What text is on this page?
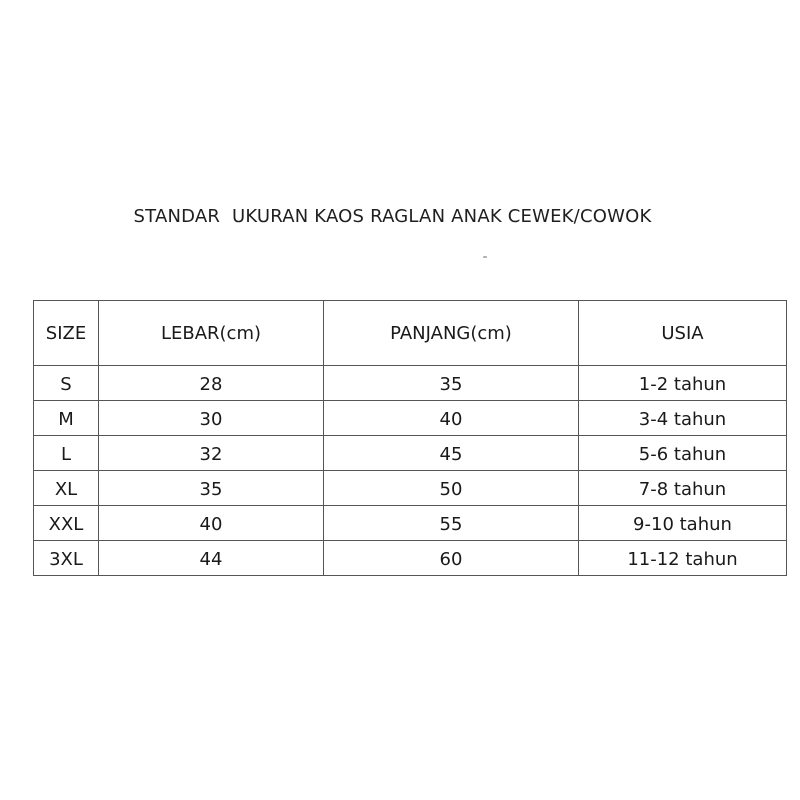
STANDAR  UKURAN KAOS RAGLAN ANAK CEWEK/COWOK
SIZE	LEBAR(cm)	PANJANG(cm)	USIA
S	28	35	1-2 tahun
M	30	40	3-4 tahun
L	32	45	5-6 tahun
XL	35	50	7-8 tahun
XXL	40	55	9-10 tahun
3XL	44	60	11-12 tahun
